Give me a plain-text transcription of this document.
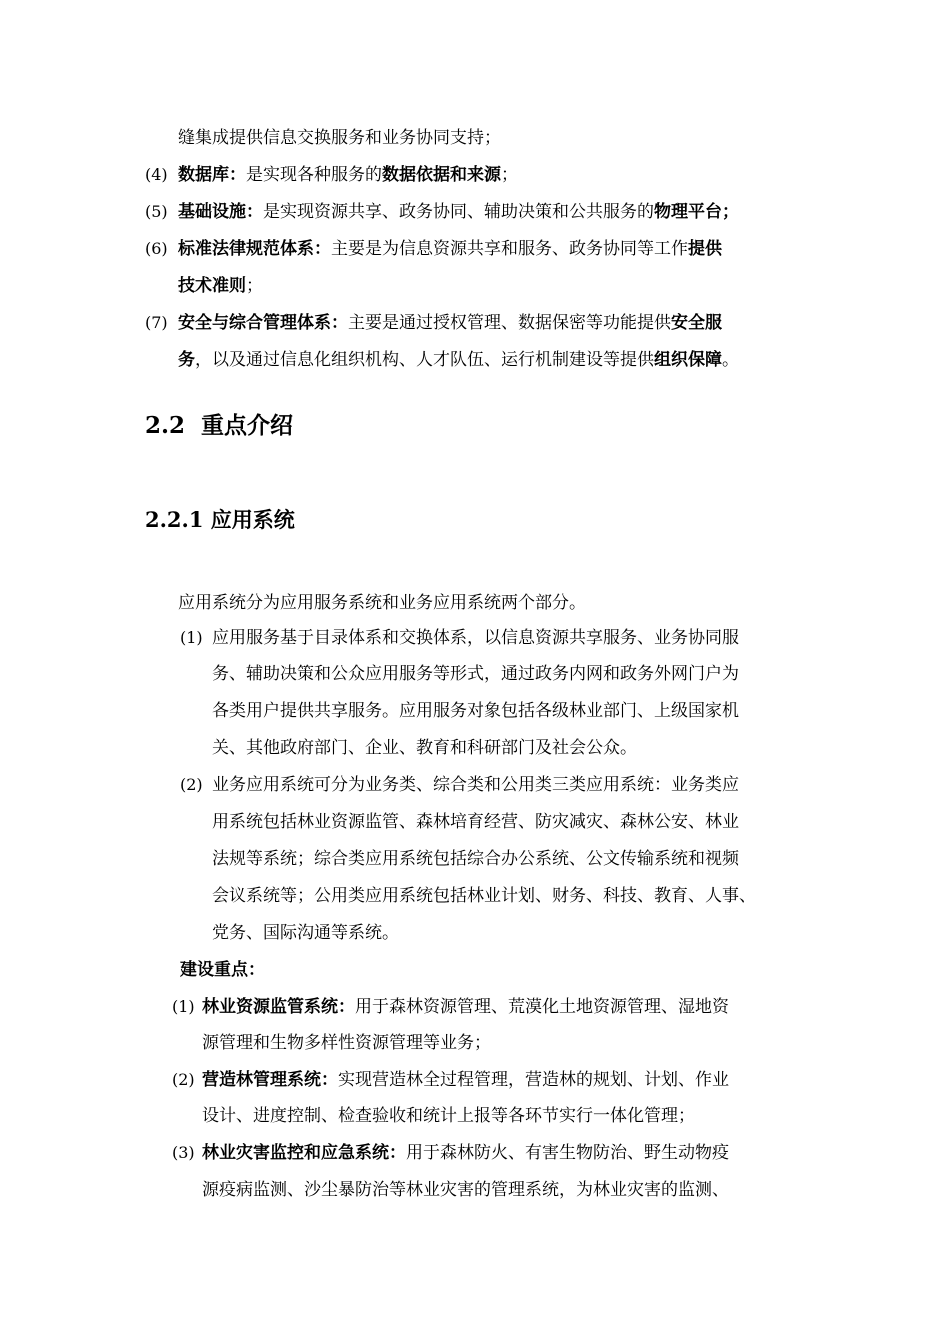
缝集成提供信息交换服务和业务协同支持；
(4) 数据库：是实现各种服务的数据依据和来源；
(5) 基础设施：是实现资源共享、政务协同、辅助决策和公共服务的物理平台；
(6) 标准法律规范体系：主要是为信息资源共享和服务、政务协同等工作提供
技术准则；
(7) 安全与综合管理体系：主要是通过授权管理、数据保密等功能提供安全服
务，以及通过信息化组织机构、人才队伍、运行机制建设等提供组织保障。
2.2 重点介绍
2.2.1 应用系统
应用系统分为应用服务系统和业务应用系统两个部分。
(1) 应用服务基于目录体系和交换体系，以信息资源共享服务、业务协同服
务、辅助决策和公众应用服务等形式，通过政务内网和政务外网门户为
各类用户提供共享服务。应用服务对象包括各级林业部门、上级国家机
关、其他政府部门、企业、教育和科研部门及社会公众。
(2) 业务应用系统可分为业务类、综合类和公用类三类应用系统：业务类应
用系统包括林业资源监管、森林培育经营、防灾减灾、森林公安、林业
法规等系统；综合类应用系统包括综合办公系统、公文传输系统和视频
会议系统等；公用类应用系统包括林业计划、财务、科技、教育、人事、
党务、国际沟通等系统。
建设重点：
(1) 林业资源监管系统：用于森林资源管理、荒漠化土地资源管理、湿地资
源管理和生物多样性资源管理等业务；
(2) 营造林管理系统：实现营造林全过程管理，营造林的规划、计划、作业
设计、进度控制、检查验收和统计上报等各环节实行一体化管理；
(3) 林业灾害监控和应急系统：用于森林防火、有害生物防治、野生动物疫
源疫病监测、沙尘暴防治等林业灾害的管理系统，为林业灾害的监测、
